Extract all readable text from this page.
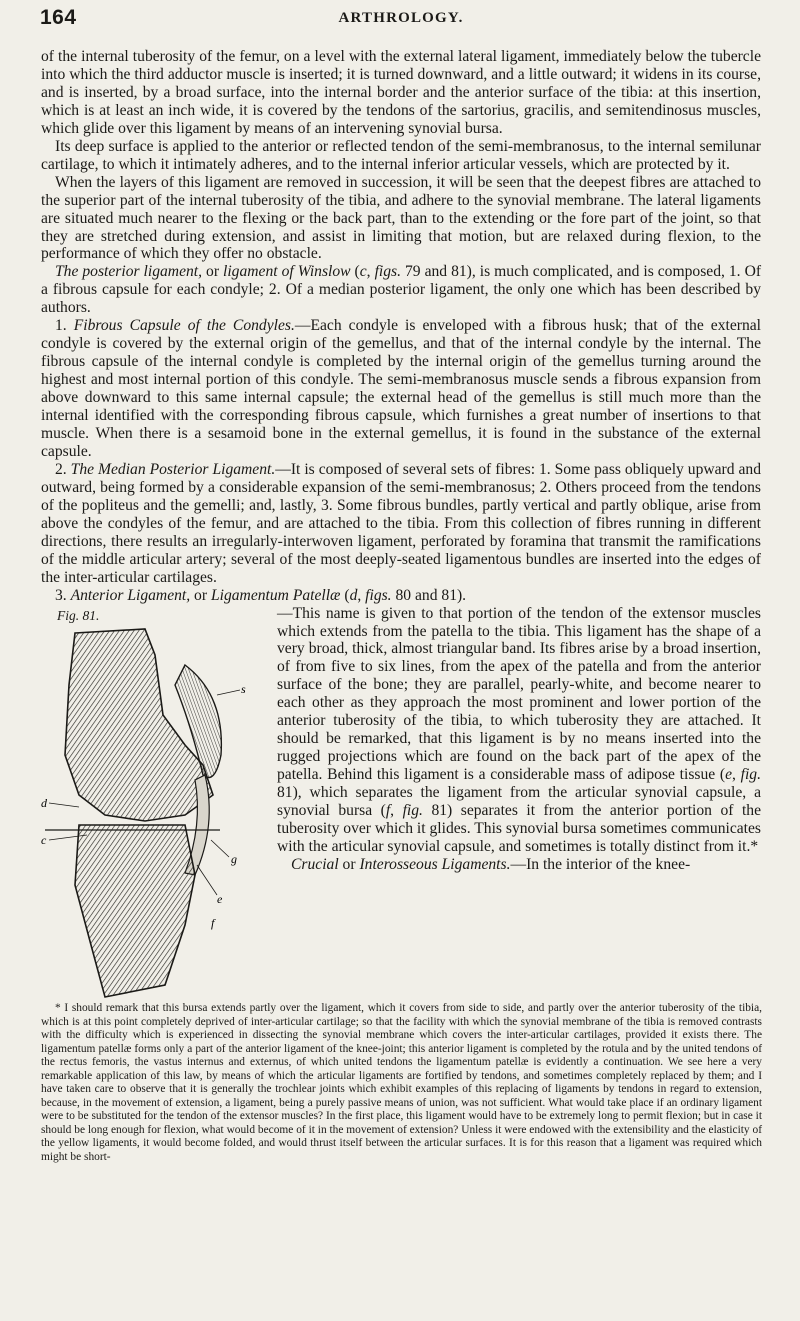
164	ARTHROLOGY.

of the internal tuberosity of the femur, on a level with the external lateral ligament, immediately below the tubercle into which the third adductor muscle is inserted; it is turned downward, and a little outward; it widens in its course, and is inserted, by a broad surface, into the internal border and the anterior surface of the tibia: at this insertion, which is at least an inch wide, it is covered by the tendons of the sartorius, gracilis, and semitendinosus muscles, which glide over this ligament by means of an intervening synovial bursa.

Its deep surface is applied to the anterior or reflected tendon of the semi-membranosus, to the internal semilunar cartilage, to which it intimately adheres, and to the internal inferior articular vessels, which are protected by it.

When the layers of this ligament are removed in succession, it will be seen that the deepest fibres are attached to the superior part of the internal tuberosity of the tibia, and adhere to the synovial membrane. The lateral ligaments are situated much nearer to the flexing or the back part, than to the extending or the fore part of the joint, so that they are stretched during extension, and assist in limiting that motion, but are relaxed during flexion, to the performance of which they offer no obstacle.

The posterior ligament, or ligament of Winslow (c, figs. 79 and 81), is much complicated, and is composed, 1. Of a fibrous capsule for each condyle; 2. Of a median posterior ligament, the only one which has been described by authors.

1. Fibrous Capsule of the Condyles.—Each condyle is enveloped with a fibrous husk; that of the external condyle is covered by the external origin of the gemellus, and that of the internal condyle by the internal. The fibrous capsule of the internal condyle is completed by the internal origin of the gemellus turning around the highest and most internal portion of this condyle. The semi-membranosus muscle sends a fibrous expansion from above downward to this same internal capsule; the external head of the gemellus is still much more than the internal identified with the corresponding fibrous capsule, which furnishes a great number of insertions to that muscle. When there is a sesamoid bone in the external gemellus, it is found in the substance of the external capsule.

2. The Median Posterior Ligament.—It is composed of several sets of fibres: 1. Some pass obliquely upward and outward, being formed by a considerable expansion of the semi-membranosus; 2. Others proceed from the tendons of the popliteus and the gemelli; and, lastly, 3. Some fibrous bundles, partly vertical and partly oblique, arise from above the condyles of the femur, and are attached to the tibia. From this collection of fibres running in different directions, there results an irregularly-interwoven ligament, perforated by foramina that transmit the ramifications of the middle articular artery; several of the most deeply-seated ligamentous bundles are inserted into the edges of the inter-articular cartilages.

3. Anterior Ligament, or Ligamentum Patellæ (d, figs. 80 and 81).

Fig. 81.
s
d
c
g
e
f

—This name is given to that portion of the tendon of the extensor muscles which extends from the patella to the tibia. This ligament has the shape of a very broad, thick, almost triangular band. Its fibres arise by a broad insertion, of from five to six lines, from the apex of the patella and from the anterior surface of the bone; they are parallel, pearly-white, and become nearer to each other as they approach the most prominent and lower portion of the anterior tuberosity of the tibia, to which tuberosity they are attached. It should be remarked, that this ligament is by no means inserted into the rugged projections which are found on the back part of the apex of the patella. Behind this ligament is a considerable mass of adipose tissue (e, fig. 81), which separates the ligament from the articular synovial capsule, a synovial bursa (f, fig. 81) separates it from the anterior portion of the tuberosity over which it glides. This synovial bursa sometimes communicates with the articular synovial capsule, and sometimes is totally distinct from it.*

Crucial or Interosseous Ligaments.—In the interior of the knee-

* I should remark that this bursa extends partly over the ligament, which it covers from side to side, and partly over the anterior tuberosity of the tibia, which is at this point completely deprived of inter-articular cartilage; so that the facility with which the synovial membrane of the tibia is removed contrasts with the difficulty which is experienced in dissecting the synovial membrane which covers the inter-articular cartilages, provided it exists there. The ligamentum patellæ forms only a part of the anterior ligament of the knee-joint; this anterior ligament is completed by the rotula and by the united tendons of the rectus femoris, the vastus internus and externus, of which united tendons the ligamentum patellæ is evidently a continuation. We see here a very remarkable application of this law, by means of which the articular ligaments are fortified by tendons, and sometimes completely replaced by them; and I have taken care to observe that it is generally the trochlear joints which exhibit examples of this replacing of ligaments by tendons in regard to extension, because, in the movement of extension, a ligament, being a purely passive means of union, was not sufficient. What would take place if an ordinary ligament were to be substituted for the tendon of the extensor muscles? In the first place, this ligament would have to be extremely long to permit flexion; but in case it should be long enough for flexion, what would become of it in the movement of extension? Unless it were endowed with the extensibility and the elasticity of the yellow ligaments, it would become folded, and would thrust itself between the articular surfaces. It is for this reason that a ligament was required which might be short-
